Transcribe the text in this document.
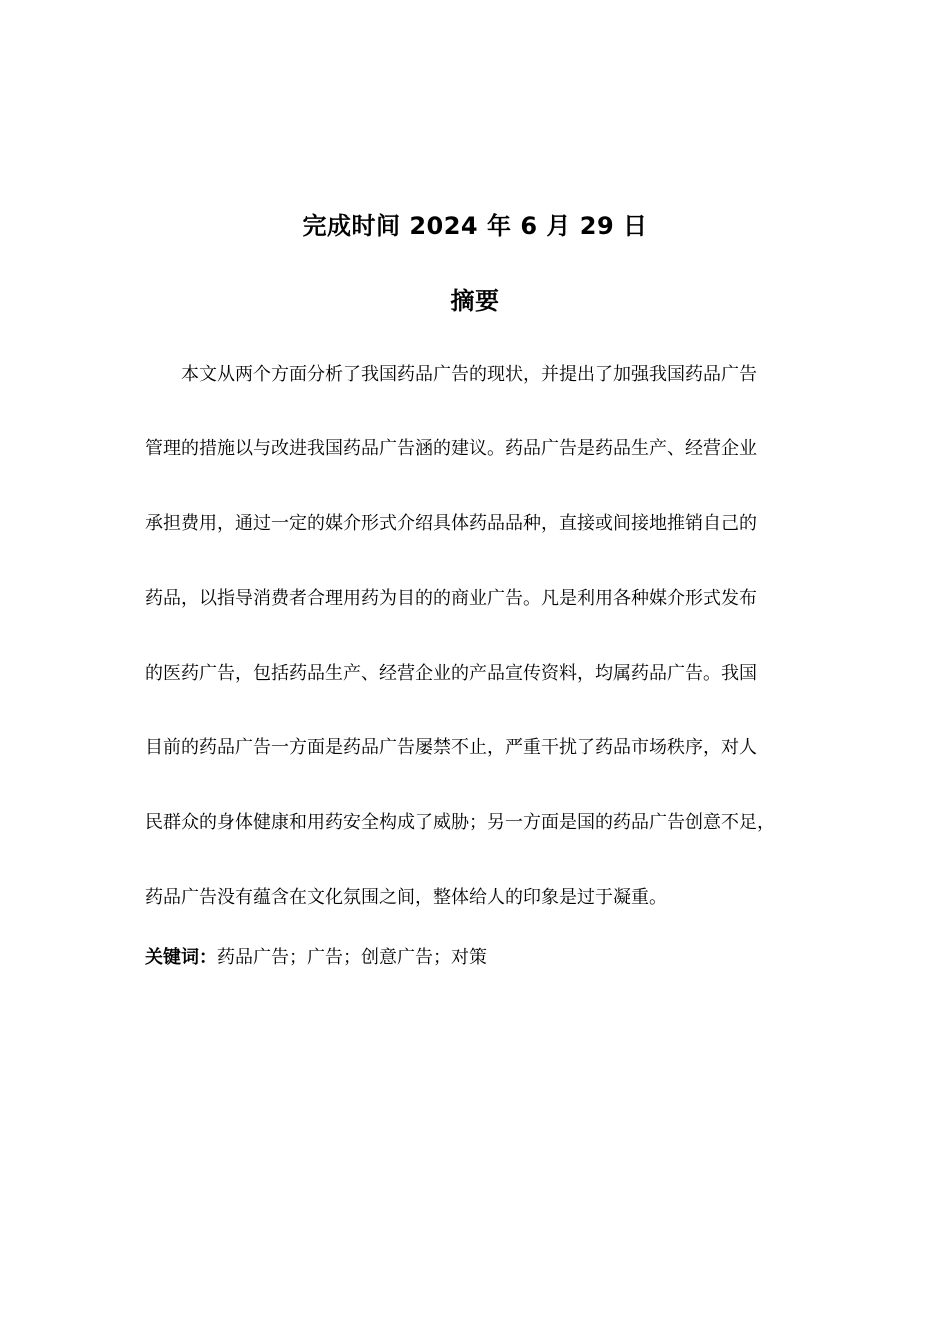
完成时间 2024 年 6 月 29 日
摘要
本文从两个方面分析了我国药品广告的现状，并提出了加强我国药品广告
管理的措施以与改进我国药品广告涵的建议。药品广告是药品生产、经营企业
承担费用，通过一定的媒介形式介绍具体药品品种，直接或间接地推销自己的
药品，以指导消费者合理用药为目的的商业广告。凡是利用各种媒介形式发布
的医药广告，包括药品生产、经营企业的产品宣传资料，均属药品广告。我国
目前的药品广告一方面是药品广告屡禁不止，严重干扰了药品市场秩序，对人
民群众的身体健康和用药安全构成了威胁；另一方面是国的药品广告创意不足，
药品广告没有蕴含在文化氛围之间，整体给人的印象是过于凝重。
关键词：药品广告；广告；创意广告；对策
